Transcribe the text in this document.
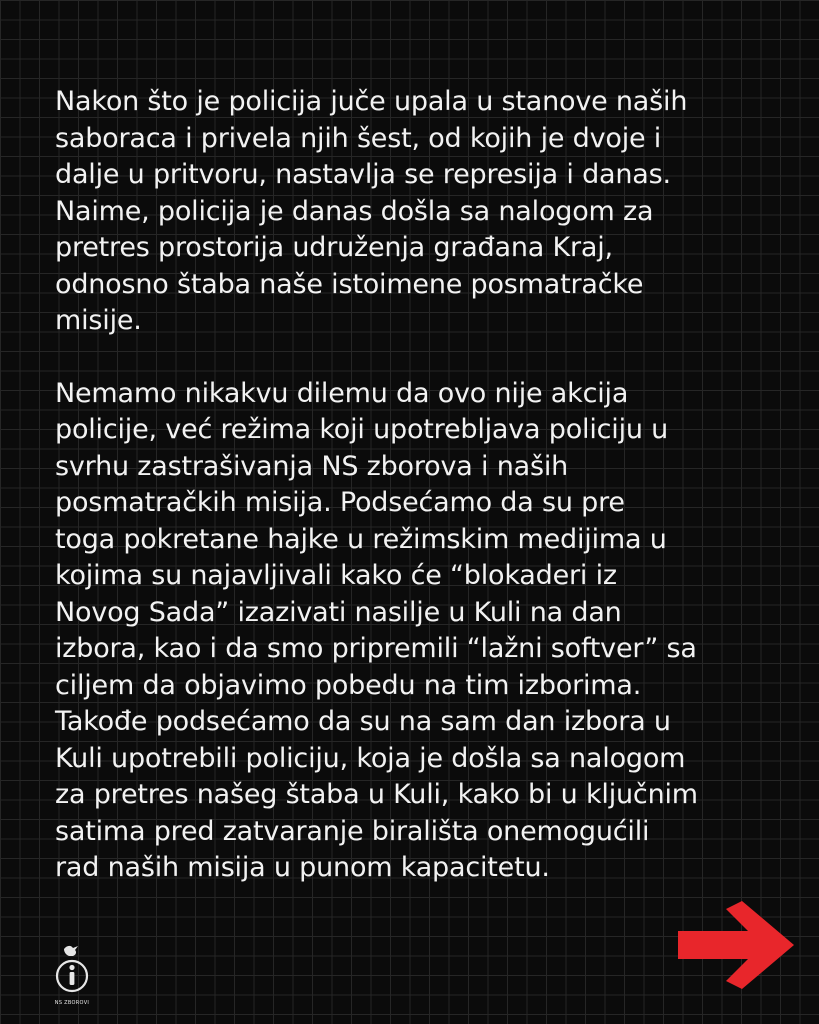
Nakon što je policija juče upala u stanove naših
saboraca i privela njih šest, od kojih je dvoje i
dalje u pritvoru, nastavlja se represija i danas.
Naime, policija je danas došla sa nalogom za
pretres prostorija udruženja građana Kraj,
odnosno štaba naše istoimene posmatračke
misije.

Nemamo nikakvu dilemu da ovo nije akcija
policije, već režima koji upotrebljava policiju u
svrhu zastrašivanja NS zborova i naših
posmatračkih misija. Podsećamo da su pre
toga pokretane hajke u režimskim medijima u
kojima su najavljivali kako će “blokaderi iz
Novog Sada” izazivati nasilje u Kuli na dan
izbora, kao i da smo pripremili “lažni softver” sa
ciljem da objavimo pobedu na tim izborima.
Takođe podsećamo da su na sam dan izbora u
Kuli upotrebili policiju, koja je došla sa nalogom
za pretres našeg štaba u Kuli, kako bi u ključnim
satima pred zatvaranje birališta onemogućili
rad naših misija u punom kapacitetu.

NS ZBOROVI
